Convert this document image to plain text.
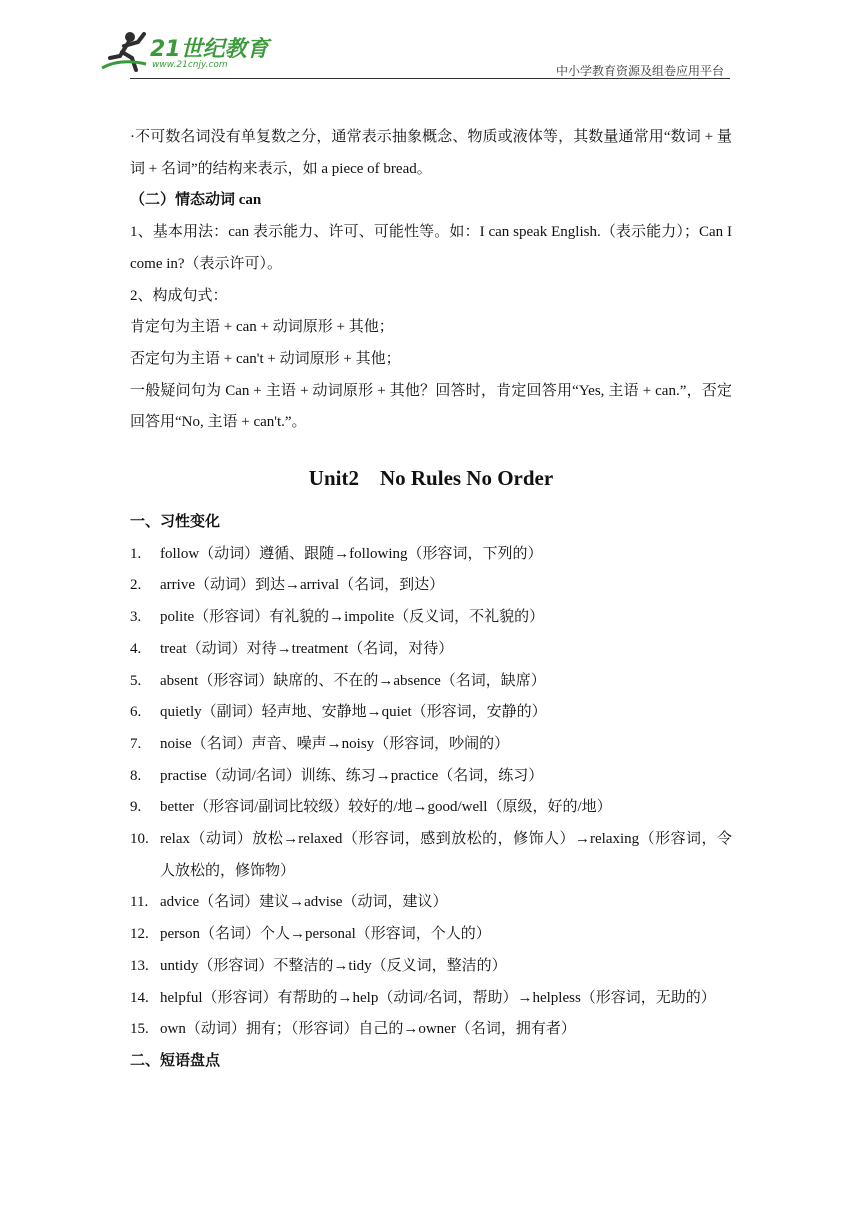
21世纪教育
www.21cnjy.com	中小学教育资源及组卷应用平台

·不可数名词没有单复数之分，通常表示抽象概念、物质或液体等，其数量通常用“数词 + 量词 + 名词”的结构来表示，如 a piece of bread。

（二）情态动词 can

1、基本用法：can 表示能力、许可、可能性等。如：I can speak English.（表示能力）；Can I come in?（表示许可）。

2、构成句式：

肯定句为主语 + can + 动词原形 + 其他；

否定句为主语 + can't + 动词原形 + 其他；

一般疑问句为 Can + 主语 + 动词原形 + 其他？回答时，肯定回答用“Yes, 主语 + can.”，否定回答用“No, 主语 + can't.”。

Unit2    No Rules No Order

一、习性变化

1. follow（动词）遵循、跟随→following（形容词，下列的）
2. arrive（动词）到达→arrival（名词，到达）
3. polite（形容词）有礼貌的→impolite（反义词，不礼貌的）
4. treat（动词）对待→treatment（名词，对待）
5. absent（形容词）缺席的、不在的→absence（名词，缺席）
6. quietly（副词）轻声地、安静地→quiet（形容词，安静的）
7. noise（名词）声音、噪声→noisy（形容词，吵闹的）
8. practise（动词/名词）训练、练习→practice（名词，练习）
9. better（形容词/副词比较级）较好的/地→good/well（原级，好的/地）
10. relax（动词）放松→relaxed（形容词，感到放松的，修饰人）→relaxing（形容词，令人放松的，修饰物）
11. advice（名词）建议→advise（动词，建议）
12. person（名词）个人→personal（形容词，个人的）
13. untidy（形容词）不整洁的→tidy（反义词，整洁的）
14. helpful（形容词）有帮助的→help（动词/名词，帮助）→helpless（形容词，无助的）
15. own（动词）拥有；（形容词）自己的→owner（名词，拥有者）

二、短语盘点
